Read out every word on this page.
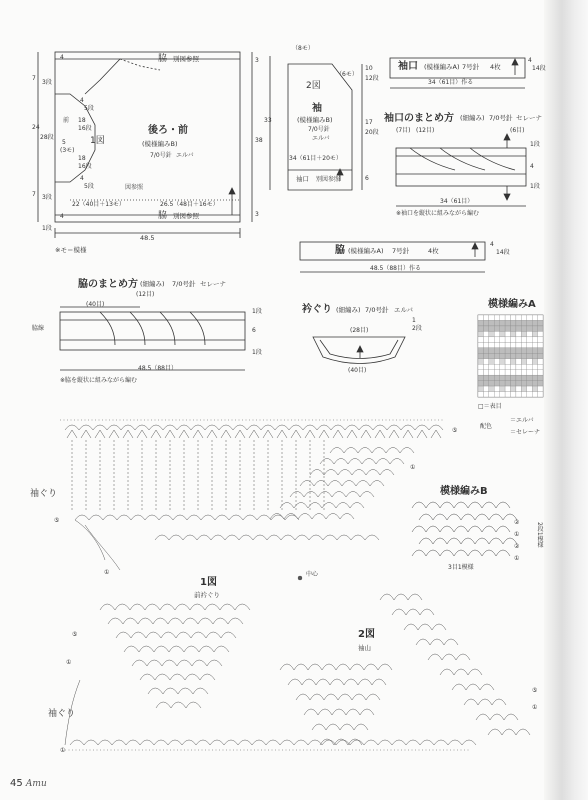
脇 別図参照
後ろ・前
(模様編みB)
7/0号針 エルバ
1図
図参照
22（40目＋13モ）	26.5（48目＋16モ）
脇 別図参照
48.5
※モ＝模様
4
4
7
3段
24
28段
7 3段
1段
4
5段
18
16段
前
5
(3モ)
18
16段
4
5段
3
38
3
（8モ）
（6モ）
2図
袖
(模様編みB)
7/0号針
エルバ
34（61目＋20モ）
袖口 別図参照
33
10
12段
17
20段
6
袖口 (模様編みA) 7号針 4枚
4
14段
34（61目）作る
袖口のまとめ方 (細編み) 7/0号針 セレーナ
(7目) (12目)	(6目)
1段
4
1段
34（61目）
※袖口を縦状に組みながら編む
脇 (模様編みA) 7号針	4枚
4
14段
48.5（88目）作る
脇のまとめ方 (細編み) 7/0号針 セレーナ
(12目)
(40目)
脇線
1段
6
1段
48.5（88目）
※脇を縦状に組みながら編む
衿ぐり (細編み) 7/0号針 エルバ
(28目)
(40目)
1
2段
模様編みA
□＝表目
配色
＝エルバ
＝セレーナ
模様編みB
3目1模様
2段1模様
②
①
②
①
袖ぐり
袖ぐり
1図
前衿ぐり
2図
袖山
中心
⑤
①
⑤
①
⑤
①
⑤
①
①
45 Amu
